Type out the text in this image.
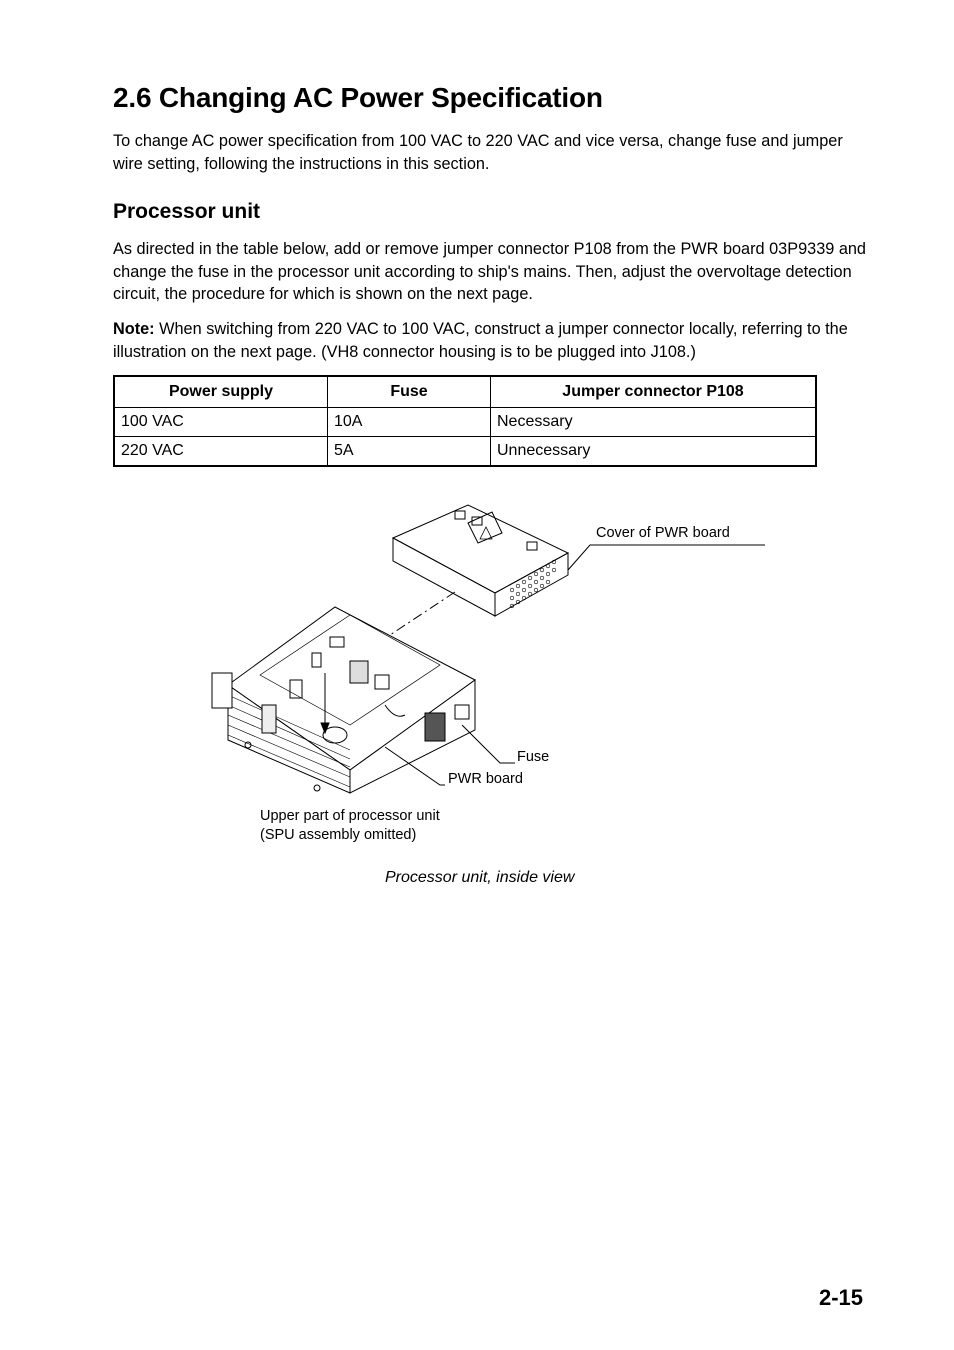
2.6 Changing AC Power Specification

To change AC power specification from 100 VAC to 220 VAC and vice versa, change fuse and jumper wire setting, following the instructions in this section.

Processor unit

As directed in the table below, add or remove jumper connector P108 from the PWR board 03P9339 and change the fuse in the processor unit according to ship's mains. Then, adjust the overvoltage detection circuit, the procedure for which is shown on the next page.

Note: When switching from 220 VAC to 100 VAC, construct a jumper connector locally, referring to the illustration on the next page. (VH8 connector housing is to be plugged into J108.)

Power supply	Fuse	Jumper connector P108
100 VAC	10A	Necessary
220 VAC	5A	Unnecessary
Cover of PWR board
Fuse
PWR board
Upper part of processor unit
(SPU assembly omitted)
Processor unit, inside view
2-15
